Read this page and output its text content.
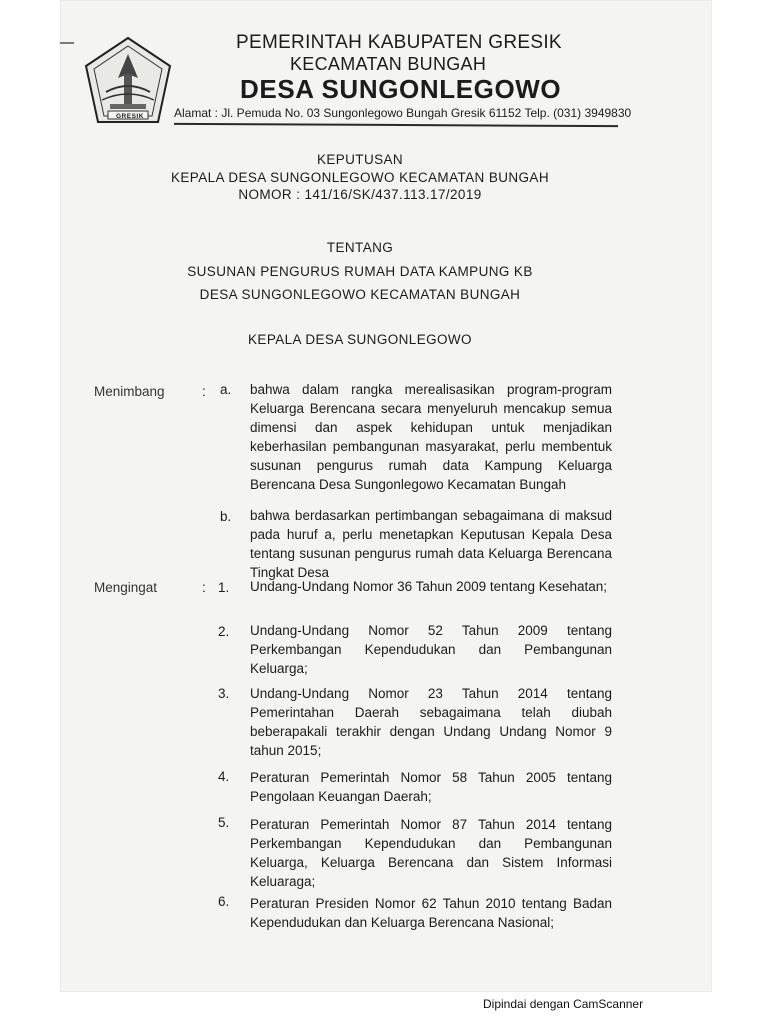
GRESIK
PEMERINTAH KABUPATEN GRESIK
KECAMATAN BUNGAH
DESA SUNGONLEGOWO
Alamat : Jl. Pemuda No. 03 Sungonlegowo Bungah Gresik 61152 Telp. (031) 3949830
KEPUTUSAN
KEPALA DESA SUNGONLEGOWO KECAMATAN BUNGAH
NOMOR : 141/16/SK/437.113.17/2019
TENTANG
SUSUNAN PENGURUS RUMAH DATA KAMPUNG KB
DESA SUNGONLEGOWO KECAMATAN BUNGAH
KEPALA DESA SUNGONLEGOWO
Menimbang	: a. bahwa dalam rangka merealisasikan program-program Keluarga Berencana secara menyeluruh mencakup semua dimensi dan aspek kehidupan untuk menjadikan keberhasilan pembangunan masyarakat, perlu membentuk susunan pengurus rumah data Kampung Keluarga Berencana Desa Sungonlegowo Kecamatan Bungah

b. bahwa berdasarkan pertimbangan sebagaimana di maksud pada huruf a, perlu menetapkan Keputusan Kepala Desa tentang susunan pengurus rumah data Keluarga Berencana Tingkat Desa

Mengingat	: 1. Undang-Undang Nomor 36 Tahun 2009 tentang Kesehatan;

2. Undang-Undang Nomor 52 Tahun 2009 tentang Perkembangan Kependudukan dan Pembangunan Keluarga;

3. Undang-Undang Nomor 23 Tahun 2014 tentang Pemerintahan Daerah sebagaimana telah diubah beberapakali terakhir dengan Undang Undang Nomor 9 tahun 2015;

4. Peraturan Pemerintah Nomor 58 Tahun 2005 tentang Pengolaan Keuangan Daerah;

5. Peraturan Pemerintah Nomor 87 Tahun 2014 tentang Perkembangan Kependudukan dan Pembangunan Keluarga, Keluarga Berencana dan Sistem Informasi Keluaraga;

6. Peraturan Presiden Nomor 62 Tahun 2010 tentang Badan Kependudukan dan Keluarga Berencana Nasional;

Dipindai dengan CamScanner
